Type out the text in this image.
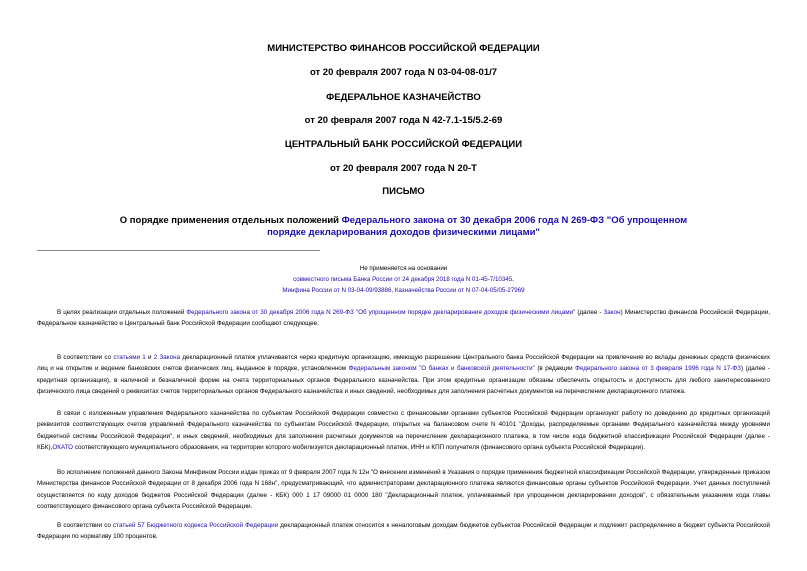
МИНИСТЕРСТВО ФИНАНСОВ РОССИЙСКОЙ ФЕДЕРАЦИИ
от 20 февраля 2007 года N 03-04-08-01/7
ФЕДЕРАЛЬНОЕ КАЗНАЧЕЙСТВО
от 20 февраля 2007 года N 42-7.1-15/5.2-69
ЦЕНТРАЛЬНЫЙ БАНК РОССИЙСКОЙ ФЕДЕРАЦИИ
от 20 февраля 2007 года N 20-Т
ПИСЬМО
О порядке применения отдельных положений Федерального закона от 30 декабря 2006 года N 269-ФЗ "Об упрощенном порядке декларирования доходов физическими лицами"
Не применяется на основании
совместного письма Банка России от 24 декабря 2018 года N 01-45-7/10345,
Минфина России от N 03-04-09/93886, Казначейства России от N 07-04-05/05-27969
В целях реализации отдельных положений Федерального закона от 30 декабря 2006 года N 269-ФЗ "Об упрощенном порядке декларирования доходов физическими лицами" (далее - Закон) Министерство финансов Российской Федерации, Федеральное казначейство и Центральный банк Российской Федерации сообщают следующее.
В соответствии со статьями 1 и 2 Закона декларационный платеж уплачивается через кредитную организацию, имеющую разрешение Центрального банка Российской Федерации на привлечение во вклады денежных средств физических лиц и на открытие и ведение банковских счетов физических лиц, выданное в порядке, установленном Федеральным законом "О банках и банковской деятельности" (в редакции Федерального закона от 3 февраля 1996 года N 17-ФЗ) (далее - кредитная организация), в наличной и безналичной форме на счета территориальных органов Федерального казначейства. При этом кредитные организации обязаны обеспечить открытость и доступность для любого заинтересованного физического лица сведений о реквизитах счетов территориальных органов Федерального казначейства и иных сведений, необходимых для заполнения расчетных документов на перечисление декларационного платежа.
В связи с изложенным управления Федерального казначейства по субъектам Российской Федерации совместно с финансовыми органами субъектов Российской Федерации организуют работу по доведению до кредитных организаций реквизитов соответствующих счетов управлений Федерального казначейства по субъектам Российской Федерации, открытых на балансовом счете N 40101 "Доходы, распределяемые органами Федерального казначейства между уровнями бюджетной системы Российской Федерации", и иных сведений, необходимых для заполнения расчетных документов на перечисление декларационного платежа, в том числе кода бюджетной классификации Российской Федерации (далее - КБК),ОКАТО соответствующего муниципального образования, на территории которого мобилизуется декларационный платеж, ИНН и КПП получателя (финансового органа субъекта Российской Федерации).
Во исполнение положений данного Закона Минфином России издан приказ от 9 февраля 2007 года N 12н "О внесении изменений в Указания о порядке применения бюджетной классификации Российской Федерации, утвержденные приказом Министерства финансов Российской Федерации от 8 декабря 2006 года N 168н", предусматривающий, что администраторами декларационного платежа являются финансовые органы субъектов Российской Федерации. Учет данных поступлений осуществляется по коду доходов бюджетов Российской Федерации (далее - КБК) 000 1 17 09000 01 0000 180 "Декларационный платеж, уплачиваемый при упрощенном декларировании доходов", с обязательным указанием кода главы соответствующего финансового органа субъекта Российской Федерации.
В соответствии со статьей 57 Бюджетного кодекса Российской Федерации декларационный платеж относится к неналоговым доходам бюджетов субъектов Российской Федерации и подлежит распределению в бюджет субъекта Российской Федерации по нормативу 100 процентов.
